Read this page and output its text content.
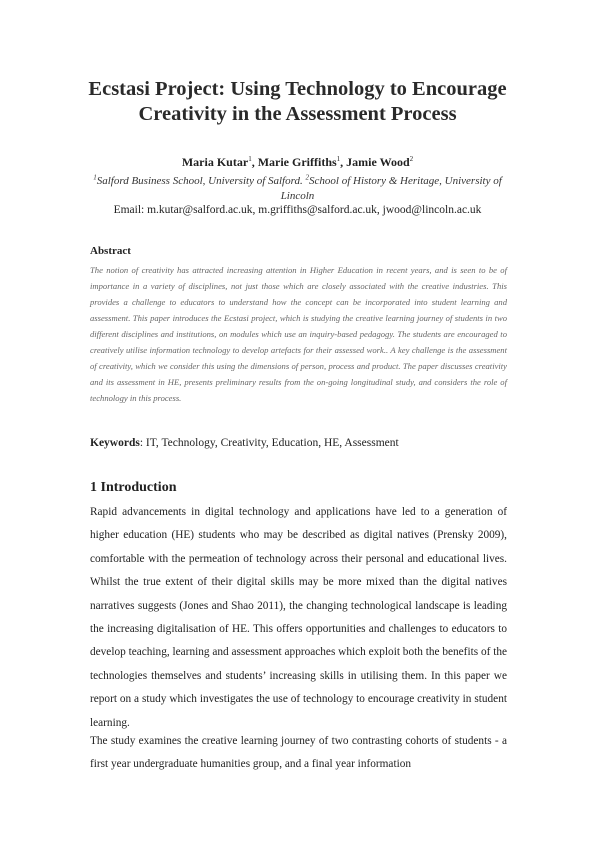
Ecstasi Project: Using Technology to Encourage Creativity in the Assessment Process
Maria Kutar$^1$, Marie Griffiths$^1$, Jamie Wood$^2$
$^1$Salford Business School, University of Salford. $^2$School of History & Heritage, University of Lincoln
Email: m.kutar@salford.ac.uk, m.griffiths@salford.ac.uk, jwood@lincoln.ac.uk
Abstract
The notion of creativity has attracted increasing attention in Higher Education in recent years, and is seen to be of importance in a variety of disciplines, not just those which are closely associated with the creative industries. This provides a challenge to educators to understand how the concept can be incorporated into student learning and assessment. This paper introduces the Ecstasi project, which is studying the creative learning journey of students in two different disciplines and institutions, on modules which use an inquiry-based pedagogy. The students are encouraged to creatively utilise information technology to develop artefacts for their assessed work.. A key challenge is the assessment of creativity, which we consider this using the dimensions of person, process and product. The paper discusses creativity and its assessment in HE, presents preliminary results from the on-going longitudinal study, and considers the role of technology in this process.
Keywords: IT, Technology, Creativity, Education, HE, Assessment
1 Introduction
Rapid advancements in digital technology and applications have led to a generation of higher education (HE) students who may be described as digital natives (Prensky 2009), comfortable with the permeation of technology across their personal and educational lives. Whilst the true extent of their digital skills may be more mixed than the digital natives narratives suggests (Jones and Shao 2011), the changing technological landscape is leading the increasing digitalisation of HE. This offers opportunities and challenges to educators to develop teaching, learning and assessment approaches which exploit both the benefits of the technologies themselves and students’ increasing skills in utilising them. In this paper we report on a study which investigates the use of technology to encourage creativity in student learning.
The study examines the creative learning journey of two contrasting cohorts of students - a first year undergraduate humanities group, and a final year information
